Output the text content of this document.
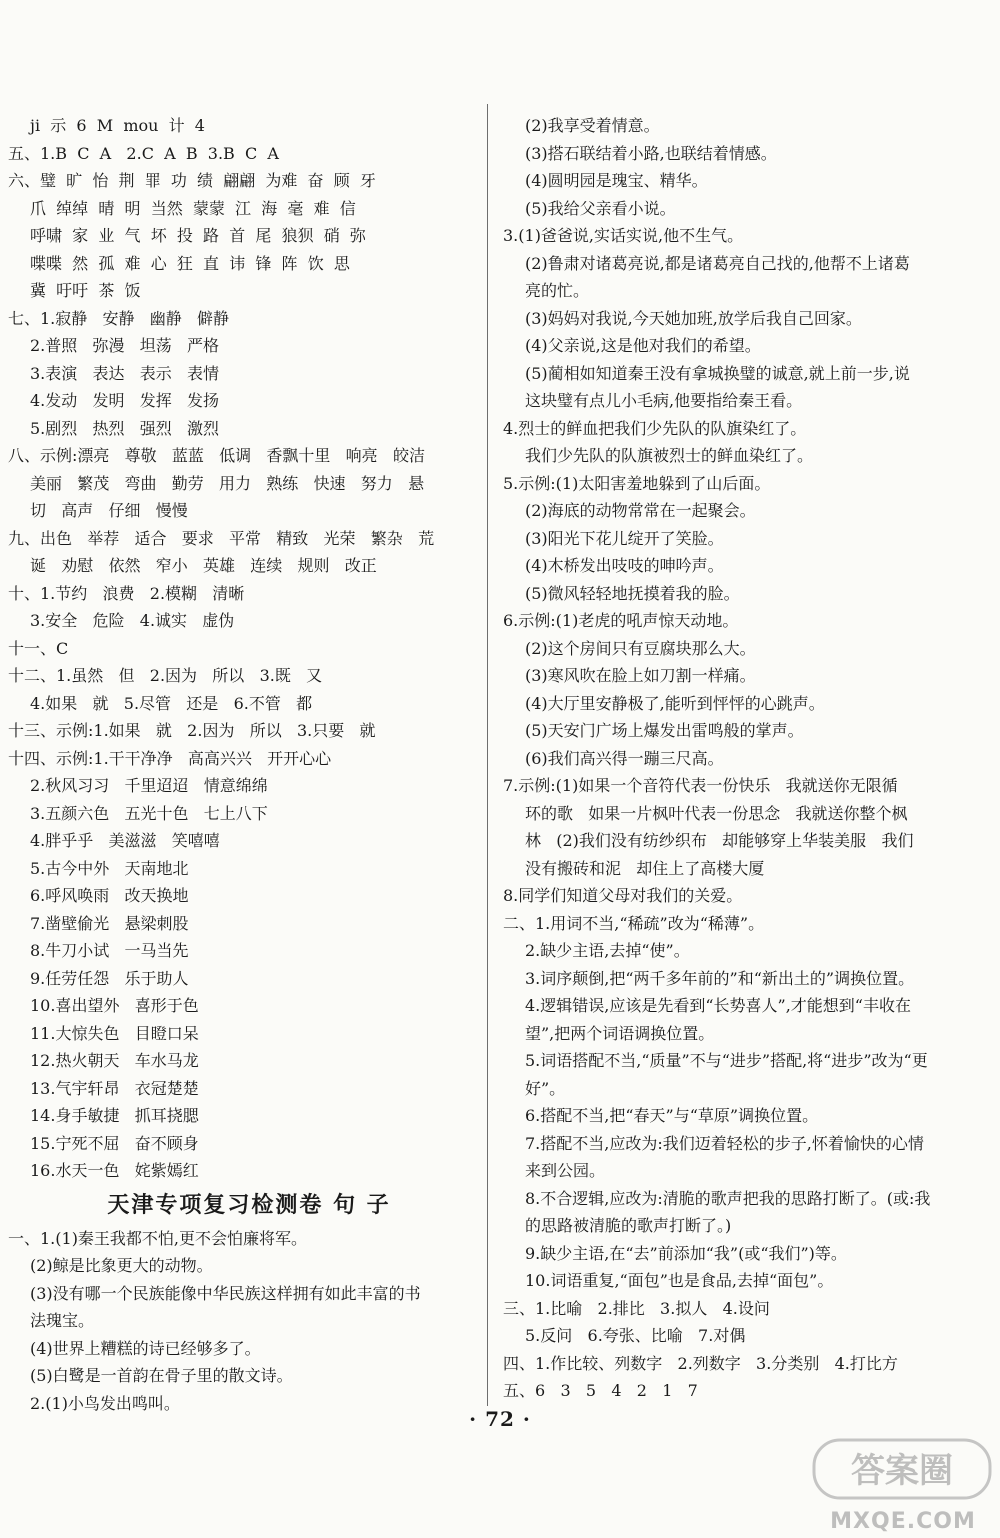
ji  示  6  M  mou  计  4
五、1.B  C  A   2.C  A  B  3.B  C  A
六、璧  旷  怡  荆  罪  功  绩  翩翩  为难  奋  顾  牙
爪  绰绰  晴  明  当然  蒙蒙  江  海  毫  难  信
呼啸  家  业  气  坏  投  路  首  尾  狼狈  硝  弥
喋喋  然  孤  难  心  狂  直  讳  锋  阵  饮  思
冀  吁吁  茶  饭
七、1.寂静   安静   幽静   僻静
2.普照   弥漫   坦荡   严格
3.表演   表达   表示   表情
4.发动   发明   发挥   发扬
5.剧烈   热烈   强烈   激烈
八、示例:漂亮   尊敬   蓝蓝   低调   香飘十里   响亮   皎洁
美丽   繁茂   弯曲   勤劳   用力   熟练   快速   努力   悬
切   高声   仔细   慢慢
九、出色   举荐   适合   要求   平常   精致   光荣   繁杂   荒
诞   劝慰   依然   窄小   英雄   连续   规则   改正
十、1.节约   浪费   2.模糊   清晰
3.安全   危险   4.诚实   虚伪
十一、C
十二、1.虽然   但   2.因为   所以   3.既   又
4.如果   就   5.尽管   还是   6.不管   都
十三、示例:1.如果   就   2.因为   所以   3.只要   就
十四、示例:1.干干净净   高高兴兴   开开心心
2.秋风习习   千里迢迢   情意绵绵
3.五颜六色   五光十色   七上八下
4.胖乎乎   美滋滋   笑嘻嘻
5.古今中外   天南地北
6.呼风唤雨   改天换地
7.凿壁偷光   悬梁刺股
8.牛刀小试   一马当先
9.任劳任怨   乐于助人
10.喜出望外   喜形于色
11.大惊失色   目瞪口呆
12.热火朝天   车水马龙
13.气宇轩昂   衣冠楚楚
14.身手敏捷   抓耳挠腮
15.宁死不屈   奋不顾身
16.水天一色   姹紫嫣红
天津专项复习检测卷 句 子
一、1.(1)秦王我都不怕,更不会怕廉将军。
(2)鲸是比象更大的动物。
(3)没有哪一个民族能像中华民族这样拥有如此丰富的书
法瑰宝。
(4)世界上糟糕的诗已经够多了。
(5)白鹭是一首韵在骨子里的散文诗。
2.(1)小鸟发出鸣叫。
(2)我享受着情意。
(3)搭石联结着小路,也联结着情感。
(4)圆明园是瑰宝、精华。
(5)我给父亲看小说。
3.(1)爸爸说,实话实说,他不生气。
(2)鲁肃对诸葛亮说,都是诸葛亮自己找的,他帮不上诸葛
亮的忙。
(3)妈妈对我说,今天她加班,放学后我自己回家。
(4)父亲说,这是他对我们的希望。
(5)蔺相如知道秦王没有拿城换璧的诚意,就上前一步,说
这块璧有点儿小毛病,他要指给秦王看。
4.烈士的鲜血把我们少先队的队旗染红了。
我们少先队的队旗被烈士的鲜血染红了。
5.示例:(1)太阳害羞地躲到了山后面。
(2)海底的动物常常在一起聚会。
(3)阳光下花儿绽开了笑脸。
(4)木桥发出吱吱的呻吟声。
(5)微风轻轻地抚摸着我的脸。
6.示例:(1)老虎的吼声惊天动地。
(2)这个房间只有豆腐块那么大。
(3)寒风吹在脸上如刀割一样痛。
(4)大厅里安静极了,能听到怦怦的心跳声。
(5)天安门广场上爆发出雷鸣般的掌声。
(6)我们高兴得一蹦三尺高。
7.示例:(1)如果一个音符代表一份快乐   我就送你无限循
环的歌   如果一片枫叶代表一份思念   我就送你整个枫
林   (2)我们没有纺纱织布   却能够穿上华装美服   我们
没有搬砖和泥   却住上了高楼大厦
8.同学们知道父母对我们的关爱。
二、1.用词不当,“稀疏”改为“稀薄”。
2.缺少主语,去掉“使”。
3.词序颠倒,把“两千多年前的”和“新出土的”调换位置。
4.逻辑错误,应该是先看到“长势喜人”,才能想到“丰收在
望”,把两个词语调换位置。
5.词语搭配不当,“质量”不与“进步”搭配,将“进步”改为“更
好”。
6.搭配不当,把“春天”与“草原”调换位置。
7.搭配不当,应改为:我们迈着轻松的步子,怀着愉快的心情
来到公园。
8.不合逻辑,应改为:清脆的歌声把我的思路打断了。(或:我
的思路被清脆的歌声打断了。)
9.缺少主语,在“去”前添加“我”(或“我们”)等。
10.词语重复,“面包”也是食品,去掉“面包”。
三、1.比喻   2.排比   3.拟人   4.设问
5.反问   6.夸张、比喻   7.对偶
四、1.作比较、列数字   2.列数字   3.分类别   4.打比方
五、6   3   5   4   2   1   7
· 72 ·
答案圈
MXQE.COM
